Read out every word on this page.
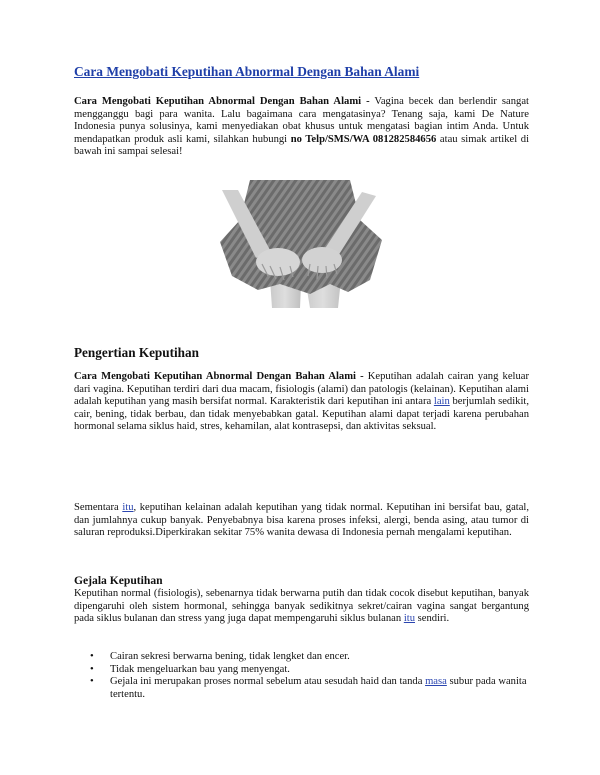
Cara Mengobati Keputihan Abnormal Dengan Bahan Alami
Cara Mengobati Keputihan Abnormal Dengan Bahan Alami - Vagina becek dan berlendir sangat mengganggu bagi para wanita. Lalu bagaimana cara mengatasinya? Tenang saja, kami De Nature Indonesia punya solusinya, kami menyediakan obat khusus untuk mengatasi bagian intim Anda. Untuk mendapatkan produk asli kami, silahkan hubungi no Telp/SMS/WA 081282584656 atau simak artikel di bawah ini sampai selesai!
Pengertian Keputihan
Cara Mengobati Keputihan Abnormal Dengan Bahan Alami - Keputihan adalah cairan yang keluar dari vagina. Keputihan terdiri dari dua macam, fisiologis (alami) dan patologis (kelainan). Keputihan alami adalah keputihan yang masih bersifat normal. Karakteristik dari keputihan ini antara lain berjumlah sedikit, cair, bening, tidak berbau, dan tidak menyebabkan gatal. Keputihan alami dapat terjadi karena perubahan hormonal selama siklus haid, stres, kehamilan, alat kontrasepsi, dan aktivitas seksual.
Sementara itu, keputihan kelainan adalah keputihan yang tidak normal. Keputihan ini bersifat bau, gatal, dan jumlahnya cukup banyak. Penyebabnya bisa karena proses infeksi, alergi, benda asing, atau tumor di saluran reproduksi.Diperkirakan sekitar 75% wanita dewasa di Indonesia pernah mengalami keputihan.
Gejala Keputihan
Keputihan normal (fisiologis), sebenarnya tidak berwarna putih dan tidak cocok disebut keputihan, banyak dipengaruhi oleh sistem hormonal, sehingga banyak sedikitnya sekret/cairan vagina sangat bergantung pada siklus bulanan dan stress yang juga dapat mempengaruhi siklus bulanan itu sendiri.
• Cairan sekresi berwarna bening, tidak lengket dan encer.
• Tidak mengeluarkan bau yang menyengat.
• Gejala ini merupakan proses normal sebelum atau sesudah haid dan tanda masa subur pada wanita tertentu.
